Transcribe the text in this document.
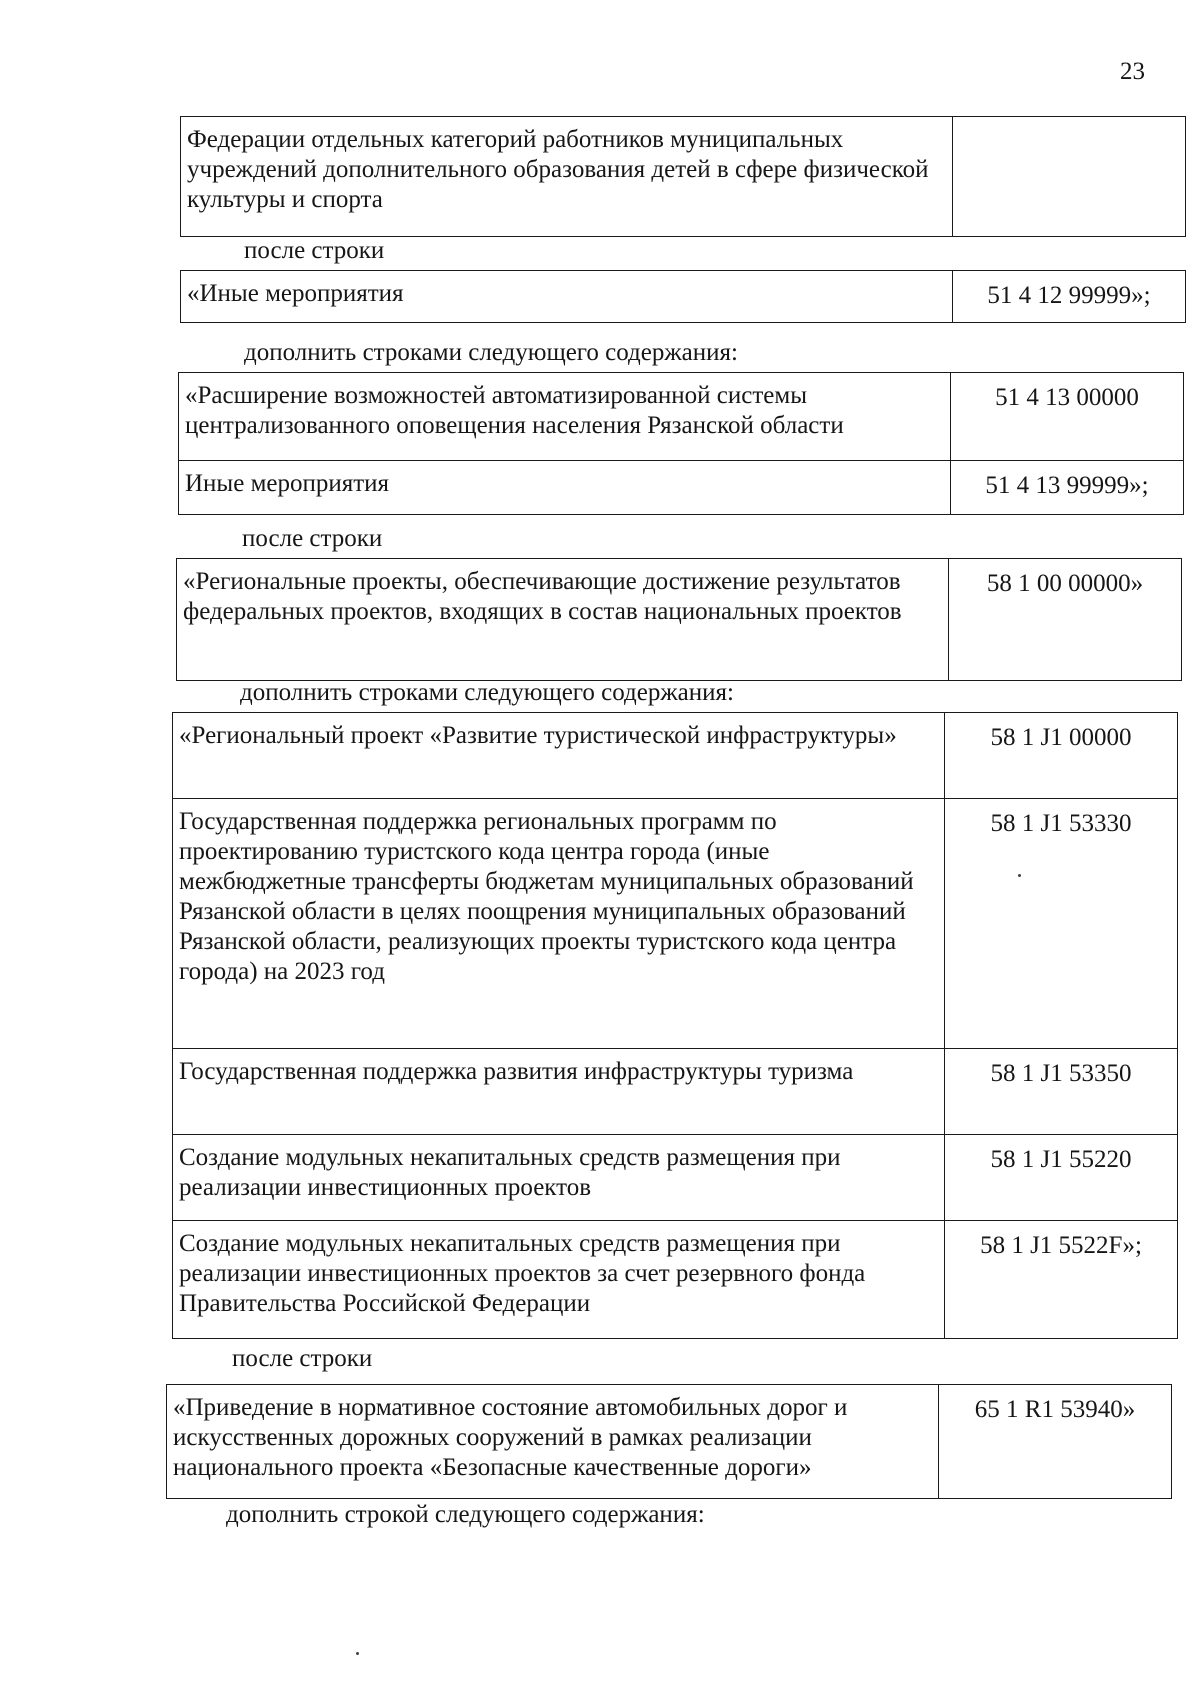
23
Федерации отдельных категорий работников муниципальных учреждений дополнительного образования детей в сфере физической культуры и спорта	
после строки
«Иные мероприятия	51 4 12 99999»;
дополнить строками следующего содержания:
«Расширение возможностей автоматизированной системы централизованного оповещения населения Рязанской области	51 4 13 00000
Иные мероприятия	51 4 13 99999»;
после строки
«Региональные проекты, обеспечивающие достижение результатов федеральных проектов, входящих в состав национальных проектов	58 1 00 00000»
дополнить строками следующего содержания:
«Региональный проект «Развитие туристической инфраструктуры»	58 1 J1 00000
Государственная поддержка региональных программ по проектированию туристского кода центра города (иные межбюджетные трансферты бюджетам муниципальных образований Рязанской области в целях поощрения муниципальных образований Рязанской области, реализующих проекты туристского кода центра города) на 2023 год	58 1 J1 53330
Государственная поддержка развития инфраструктуры туризма	58 1 J1 53350
Создание модульных некапитальных средств размещения при реализации инвестиционных проектов	58 1 J1 55220
Создание модульных некапитальных средств размещения при реализации инвестиционных проектов за счет резервного фонда Правительства Российской Федерации	58 1 J1 5522F»;
после строки
«Приведение в нормативное состояние автомобильных дорог и искусственных дорожных сооружений в рамках реализации национального проекта «Безопасные качественные дороги»	65 1 R1 53940»
дополнить строкой следующего содержания:
